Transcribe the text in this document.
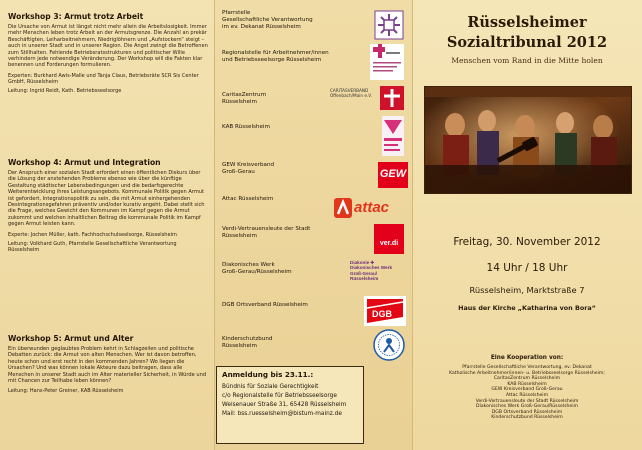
Workshop 3: Armut trotz Arbeit

Die Ursache von Armut ist längst nicht mehr allein die Arbeitslosigkeit. Immer mehr Menschen leben trotz Arbeit an der Armutsgrenze. Die Anzahl an prekär Beschäftigten, Leiharbeitnehmern, Niedriglöhnern und „Aufstockern“ steigt – auch in unserer Stadt und in unserer Region. Die Angst zwingt die Betroffenen zum Stillhalten. Fehlende Betriebsratsstrukturen und politischer Wille verhindern jede notwendige Veränderung. Der Workshop will die Fakten klar benennen und Forderungen formulieren.

Experten: Burkhard Awis-Malle und Tanja Claus, Betriebsräte SCR Sis Center GmbH, Rüsselsheim
Leitung: Ingrid Reidt, Kath. Betriebsseelsorge
Workshop 4: Armut und Integration

Der Anspruch einer sozialen Stadt erfordert einen öffentlichen Diskurs über die Lösung der anstehenden Probleme ebenso wie über die künftige Gestaltung städtischer Lebensbedingungen und die bedarfsgerechte Weiterentwicklung ihres Leistungsangebots. Kommunale Politik gegen Armut ist gefordert, Integrationspolitik zu sein, die mit Armut einhergehenden Desintegrationsgefahren präventiv und/oder kurativ angeht. Dabei stellt sich die Frage, welches Gewicht den Kommunen im Kampf gegen die Armut zukommt und welchen inhaltlichen Beitrag die kommunale Politik im Kampf gegen Armut leisten kann.

Experte: Jochen Müller, kath. Fachhochschulseelsorge, Rüsselsheim
Leitung: Volkhard Guth, Pfarrstelle Gesellschaftliche Verantwortung Rüsselsheim
Workshop 5: Armut und Alter

Ein überwunden geglaubtes Problem kehrt in Schlagzeilen und politische Debatten zurück: die Armut von alten Menschen. Wer ist davon betroffen, heute schon und erst recht in den kommenden Jahren? Wo liegen die Ursachen? Und was können lokale Akteure dazu beitragen, dass alle Menschen in unserer Stadt auch im Alter materieller Sicherheit, in Würde und mit Chancen zur Teilhabe leben können?

Leitung: Hans-Peter Greiner, KAB Rüsselsheim
Pfarrstelle
Gesellschaftliche Verantwortung
im ev. Dekanat Rüsselsheim
Regionalstelle für Arbeitnehmer/innen
und Betriebsseelsorge Rüsselsheim
CaritasZentrum
Rüsselsheim
CARITASVERBAND Offenbach/Main e.V.
KAB Rüsselsheim
GEW Kreisverband
Groß-Gerau	GEW
Attac Rüsselsheim	attac
Verdi-Vertrauensleute der Stadt
Rüsselsheim
ver.di
Diakonisches Werk
Groß-Gerau/Rüsselsheim
Diakonie ✚
Diakonisches Werk
Groß-Gerau/
Rüsselsheim
DGB Ortsverband Rüsselsheim
DGB
Kinderschutzbund
Rüsselsheim
Anmeldung bis 23.11.:
Bündnis für Soziale Gerechtigkeit
c/o Regionalstelle für Betriebsseelsorge
Weisenauer Straße 31, 65428 Rüsselsheim
Mail: bss.ruesselsheim@bistum-mainz.de
Rüsselsheimer
Sozialtribunal 2012
Menschen vom Rand in die Mitte holen
Freitag, 30. November 2012
14 Uhr / 18 Uhr
Rüsselsheim, Marktstraße 7
Haus der Kirche „Katharina von Bora“
Eine Kooperation von:
Pfarrstelle Gesellschaftliche Verantwortung, ev. Dekanat
Katholische Arbeitnehmer/innen- u. Betriebsseelsorge Rüsselsheim;
CaritasZentrum Rüsselsheim
KAB Rüsselsheim
GEW Kreisverband Groß-Gerau
Attac Rüsselsheim
Verdi-Vertrauensleute der Stadt Rüsselsheim
Diakonisches Werk Groß-Gerau/Rüsselsheim
DGB Ortsverband Rüsselsheim
Kinderschutzbund Rüsselsheim
